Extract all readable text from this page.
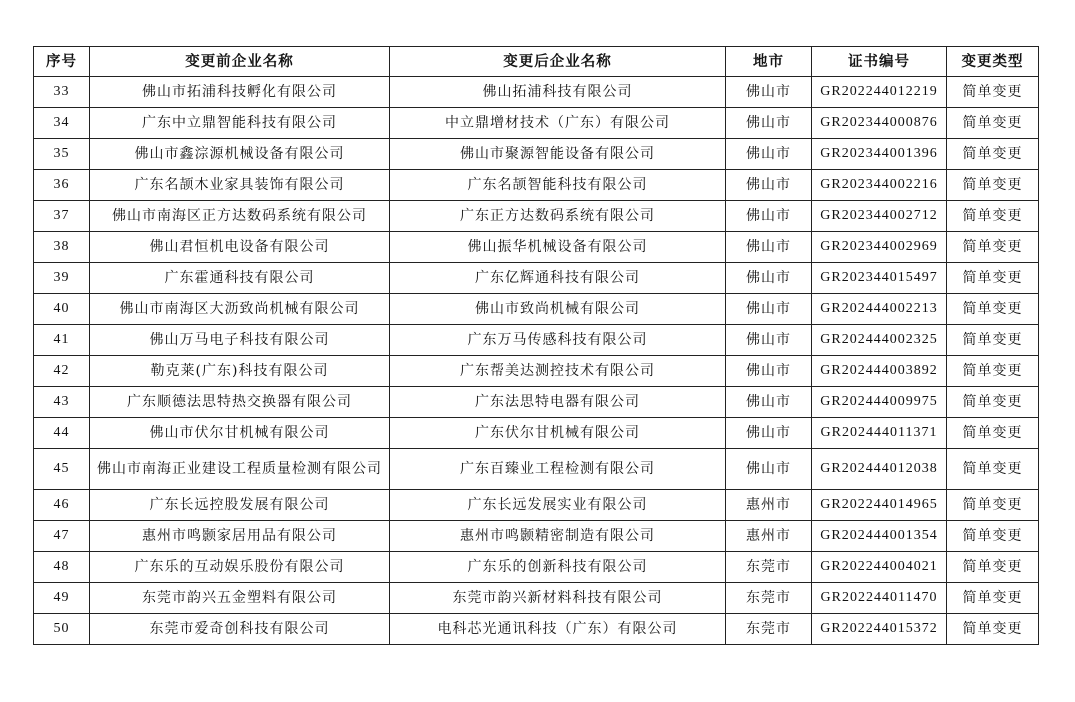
序号	变更前企业名称	变更后企业名称	地市	证书编号	变更类型
33	佛山市拓浦科技孵化有限公司	佛山拓浦科技有限公司	佛山市	GR202244012219	简单变更
34	广东中立鼎智能科技有限公司	中立鼎增材技术（广东）有限公司	佛山市	GR202344000876	简单变更
35	佛山市鑫淙源机械设备有限公司	佛山市聚源智能设备有限公司	佛山市	GR202344001396	简单变更
36	广东名颉木业家具装饰有限公司	广东名颉智能科技有限公司	佛山市	GR202344002216	简单变更
37	佛山市南海区正方达数码系统有限公司	广东正方达数码系统有限公司	佛山市	GR202344002712	简单变更
38	佛山君恒机电设备有限公司	佛山振华机械设备有限公司	佛山市	GR202344002969	简单变更
39	广东霍通科技有限公司	广东亿辉通科技有限公司	佛山市	GR202344015497	简单变更
40	佛山市南海区大沥致尚机械有限公司	佛山市致尚机械有限公司	佛山市	GR202444002213	简单变更
41	佛山万马电子科技有限公司	广东万马传感科技有限公司	佛山市	GR202444002325	简单变更
42	勒克莱(广东)科技有限公司	广东帮美达测控技术有限公司	佛山市	GR202444003892	简单变更
43	广东顺德法思特热交换器有限公司	广东法思特电器有限公司	佛山市	GR202444009975	简单变更
44	佛山市伏尔甘机械有限公司	广东伏尔甘机械有限公司	佛山市	GR202444011371	简单变更
45	佛山市南海正业建设工程质量检测有限公司	广东百臻业工程检测有限公司	佛山市	GR202444012038	简单变更
46	广东长远控股发展有限公司	广东长远发展实业有限公司	惠州市	GR202244014965	简单变更
47	惠州市鸣颢家居用品有限公司	惠州市鸣颢精密制造有限公司	惠州市	GR202444001354	简单变更
48	广东乐的互动娱乐股份有限公司	广东乐的创新科技有限公司	东莞市	GR202244004021	简单变更
49	东莞市韵兴五金塑料有限公司	东莞市韵兴新材料科技有限公司	东莞市	GR202244011470	简单变更
50	东莞市爱奇创科技有限公司	电科芯光通讯科技（广东）有限公司	东莞市	GR202244015372	简单变更
